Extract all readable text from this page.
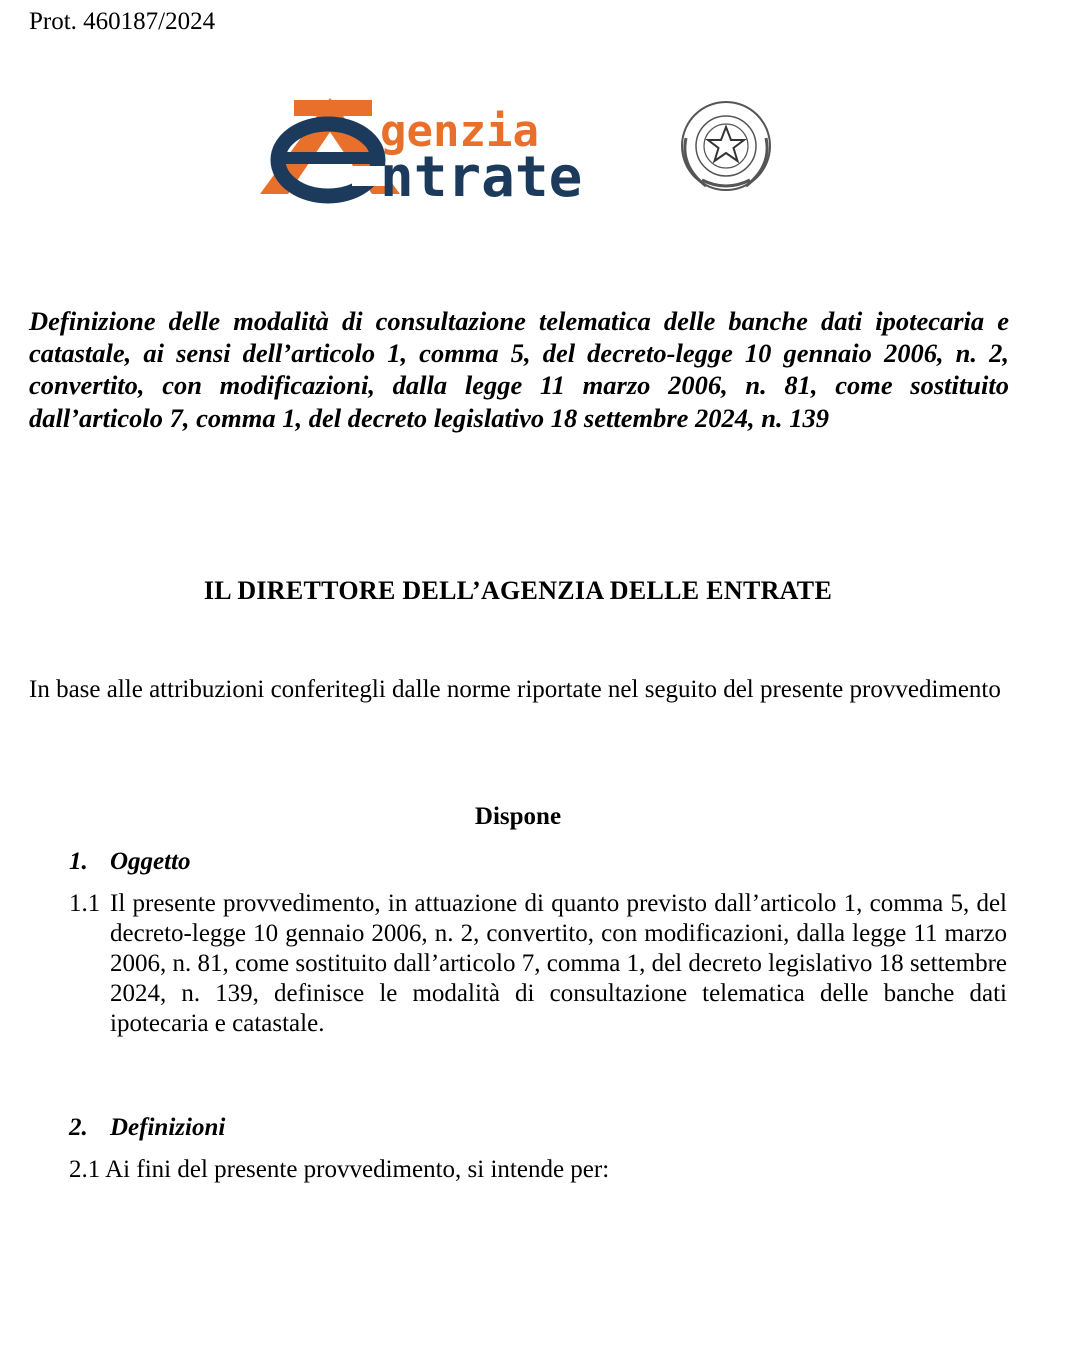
Prot. 460187/2024
genzia
ntrate
Definizione delle modalità di consultazione telematica delle banche dati ipotecaria e catastale, ai sensi dell’articolo 1, comma 5, del decreto-legge 10 gennaio 2006, n. 2, convertito, con modificazioni, dalla legge 11 marzo 2006, n. 81, come sostituito dall’articolo 7, comma 1, del decreto legislativo 18 settembre 2024, n. 139
IL DIRETTORE DELL’AGENZIA DELLE ENTRATE
In base alle attribuzioni conferitegli dalle norme riportate nel seguito del presente provvedimento
Dispone
1. Oggetto
1.1 Il presente provvedimento, in attuazione di quanto previsto dall’articolo 1, comma 5, del decreto-legge 10 gennaio 2006, n. 2, convertito, con modificazioni, dalla legge 11 marzo 2006, n. 81, come sostituito dall’articolo 7, comma 1, del decreto legislativo 18 settembre 2024, n. 139, definisce le modalità di consultazione telematica delle banche dati ipotecaria e catastale.
2. Definizioni
2.1 Ai fini del presente provvedimento, si intende per:
